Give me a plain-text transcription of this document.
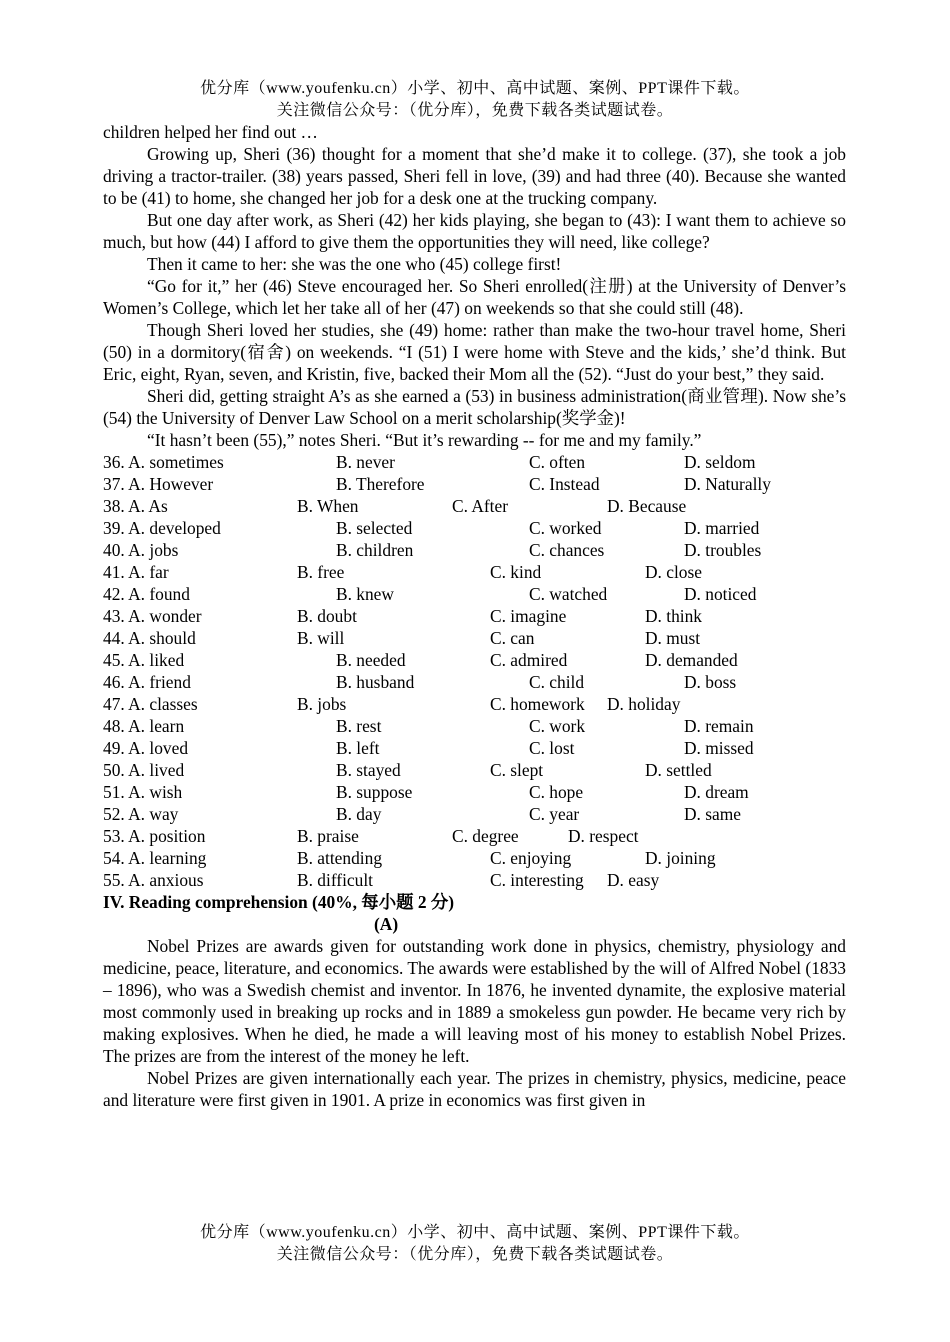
优分库（www.youfenku.cn）小学、初中、高中试题、案例、PPT课件下载。
关注微信公众号：（优分库），免费下载各类试题试卷。

children helped her find out …

Growing up, Sheri (36) thought for a moment that she’d make it to college. (37), she took a job driving a tractor-trailer. (38) years passed, Sheri fell in love, (39) and had three (40). Because she wanted to be (41) to home, she changed her job for a desk one at the trucking company.

But one day after work, as Sheri (42) her kids playing, she began to (43): I want them to achieve so much, but how (44) I afford to give them the opportunities they will need, like college?

Then it came to her: she was the one who (45) college first!

“Go for it,” her (46) Steve encouraged her. So Sheri enrolled(注册) at the University of Denver’s Women’s College, which let her take all of her (47) on weekends so that she could still (48).

Though Sheri loved her studies, she (49) home: rather than make the two-hour travel home, Sheri (50) in a dormitory(宿舍) on weekends. “I (51) I were home with Steve and the kids,’ she’d think. But Eric, eight, Ryan, seven, and Kristin, five, backed their Mom all the (52). “Just do your best,” they said.

Sheri did, getting straight A’s as she earned a (53) in business administration(商业管理). Now she’s (54) the University of Denver Law School on a merit scholarship(奖学金)!

“It hasn’t been (55),” notes Sheri. “But it’s rewarding -- for me and my family.”

36. A. sometimes	B. never	C. often	D. seldom
37. A. However	B. Therefore	C. Instead	D. Naturally
38. A. As	B. When	C. After	D. Because
39. A. developed	B. selected	C. worked	D. married
40. A. jobs	B. children	C. chances	D. troubles
41. A. far	B. free	C. kind	D. close
42. A. found	B. knew	C. watched	D. noticed
43. A. wonder	B. doubt	C. imagine	D. think
44. A. should	B. will	C. can	D. must
45. A. liked	B. needed	C. admired	D. demanded
46. A. friend	B. husband	C. child	D. boss
47. A. classes	B. jobs	C. homework D. holiday
48. A. learn	B. rest	C. work	D. remain
49. A. loved	B. left	C. lost	D. missed
50. A. lived	B. stayed	C. slept	D. settled
51. A. wish	B. suppose	C. hope	D. dream
52. A. way	B. day	C. year	D. same
53. A. position	B. praise	C. degree	D. respect
54. A. learning	B. attending	C. enjoying	D. joining
55. A. anxious	B. difficult	C. interesting D. easy

IV. Reading comprehension (40%, 每小题 2 分)

(A)

Nobel Prizes are awards given for outstanding work done in physics, chemistry, physiology and medicine, peace, literature, and economics. The awards were established by the will of Alfred Nobel (1833 – 1896), who was a Swedish chemist and inventor. In 1876, he invented dynamite, the explosive material most commonly used in breaking up rocks and in 1889 a smokeless gun powder. He became very rich by making explosives. When he died, he made a will leaving most of his money to establish Nobel Prizes. The prizes are from the interest of the money he left.

Nobel Prizes are given internationally each year. The prizes in chemistry, physics, medicine, peace and literature were first given in 1901. A prize in economics was first given in

优分库（www.youfenku.cn）小学、初中、高中试题、案例、PPT课件下载。
关注微信公众号：（优分库），免费下载各类试题试卷。
